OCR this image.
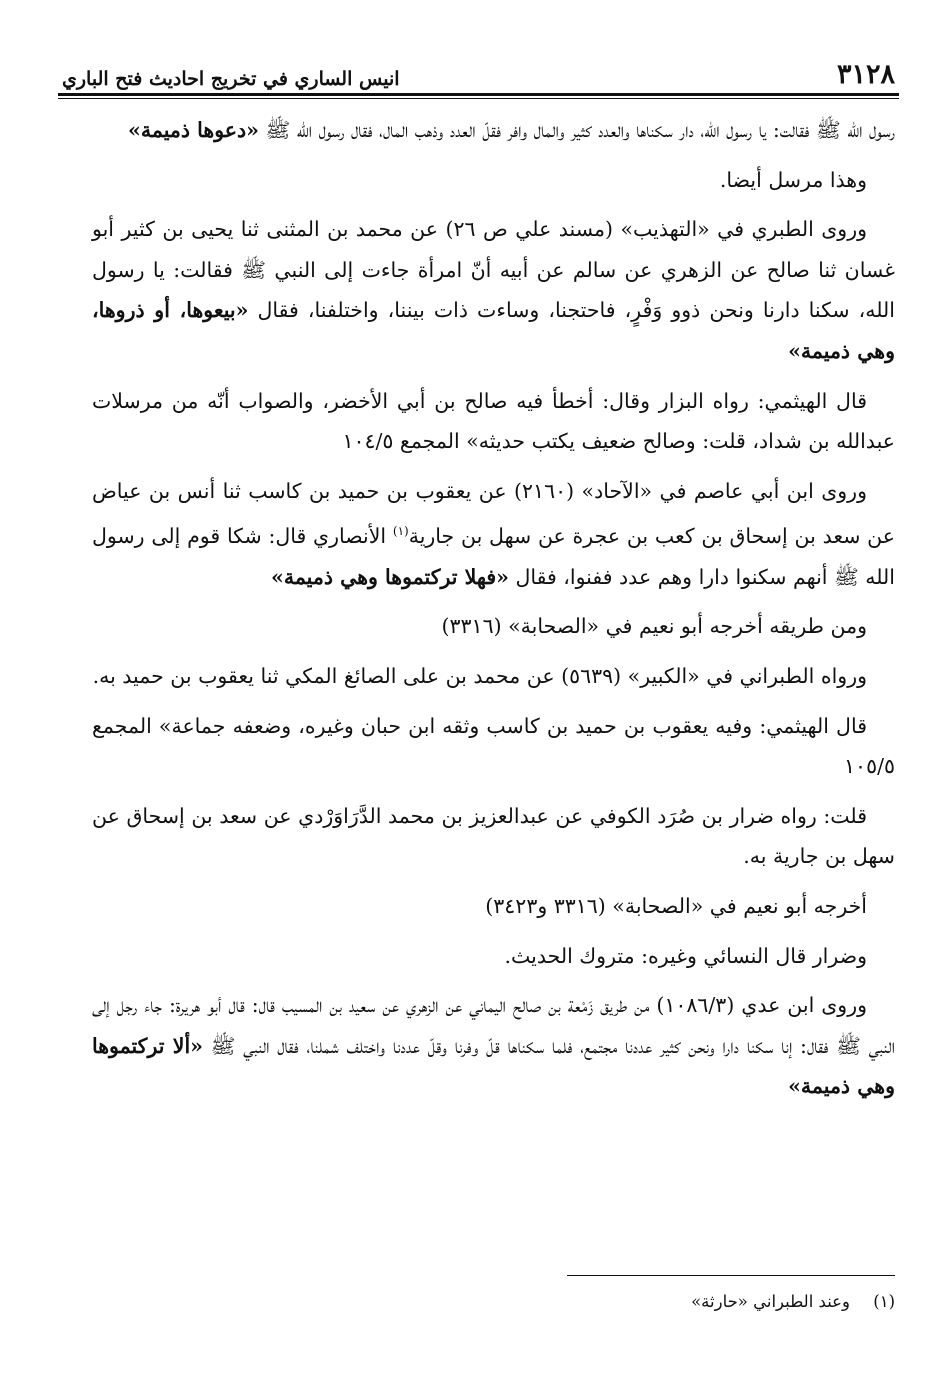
٣١٢٨
انيس الساري في تخريج احاديث فتح الباري

رسول الله ﷺ فقالت: يا رسول الله، دار سكناها والعدد كثير والمال وافر فقلّ العدد وذهب المال، فقال رسول الله ﷺ «دعوها ذميمة»

وهذا مرسل أيضا.

وروى الطبري في «التهذيب» (مسند علي ص ٢٦) عن محمد بن المثنى ثنا يحيى بن كثير أبو غسان ثنا صالح عن الزهري عن سالم عن أبيه أنّ امرأة جاءت إلى النبي ﷺ فقالت: يا رسول الله، سكنا دارنا ونحن ذوو وَفْرٍ، فاحتجنا، وساءت ذات بيننا، واختلفنا، فقال «بيعوها، أو ذروها، وهي ذميمة»

قال الهيثمي: رواه البزار وقال: أخطأ فيه صالح بن أبي الأخضر، والصواب أنّه من مرسلات عبدالله بن شداد، قلت: وصالح ضعيف يكتب حديثه» المجمع ١٠٤/٥

وروى ابن أبي عاصم في «الآحاد» (٢١٦٠) عن يعقوب بن حميد بن كاسب ثنا أنس بن عياض عن سعد بن إسحاق بن كعب بن عجرة عن سهل بن جارية$^{(١)}$ الأنصاري قال: شكا قوم إلى رسول الله ﷺ أنهم سكنوا دارا وهم عدد ففنوا، فقال «فهلا تركتموها وهي ذميمة»

ومن طريقه أخرجه أبو نعيم في «الصحابة» (٣٣١٦)

ورواه الطبراني في «الكبير» (٥٦٣٩) عن محمد بن على الصائغ المكي ثنا يعقوب بن حميد به.

قال الهيثمي: وفيه يعقوب بن حميد بن كاسب وثقه ابن حبان وغيره، وضعفه جماعة» المجمع ١٠٥/٥

قلت: رواه ضرار بن صُرَد الكوفي عن عبدالعزيز بن محمد الدَّرَاوَرْدي عن سعد بن إسحاق عن سهل بن جارية به.

أخرجه أبو نعيم في «الصحابة» (٣٣١٦ و٣٤٢٣)

وضرار قال النسائي وغيره: متروك الحديث.

وروى ابن عدي (١٠٨٦/٣) من طريق زَمْعة بن صالح اليماني عن الزهري عن سعيد بن المسيب قال: قال أبو هريرة: جاء رجل إلى النبي ﷺ فقال: إنا سكنا دارا ونحن كثير عددنا مجتمع، فلما سكناها قلّ وفرنا وقلّ عددنا واختلف شملنا، فقال النبي ﷺ «ألا تركتموها وهي ذميمة»

(١) وعند الطبراني «حارثة»
